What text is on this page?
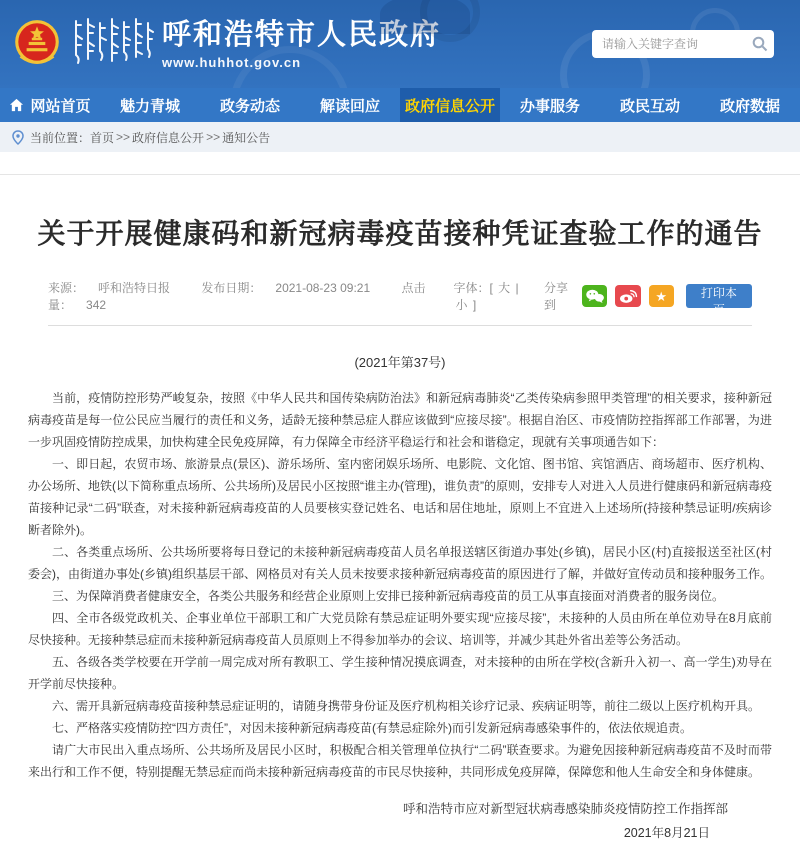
呼和浩特市人民政府
www.huhhot.gov.cn
请输入关键字查询
网站首页 魅力青城	政务动态	解读回应 政府信息公开 办事服务	政民互动	政府数据
当前位置： 首页 >> 政府信息公开 >> 通知公告
关于开展健康码和新冠病毒疫苗接种凭证查验工作的通告
来源： 呼和浩特日报	发布日期： 2021-08-23 09:21	点击量： 342
字体：[ 大 | 小 ]
分享到
★	打印本页
(2021年第37号)

当前，疫情防控形势严峻复杂，按照《中华人民共和国传染病防治法》和新冠病毒肺炎“乙类传染病参照甲类管理”的相关要求，接种新冠病毒疫苗是每一位公民应当履行的责任和义务，适龄无接种禁忌症人群应该做到“应接尽接”。根据自治区、市疫情防控指挥部工作部署，为进一步巩固疫情防控成果，加快构建全民免疫屏障，有力保障全市经济平稳运行和社会和谐稳定，现就有关事项通告如下：

一、即日起，农贸市场、旅游景点(景区)、游乐场所、室内密闭娱乐场所、电影院、文化馆、图书馆、宾馆酒店、商场超市、医疗机构、办公场所、地铁(以下简称重点场所、公共场所)及居民小区按照“谁主办(管理)，谁负责”的原则，安排专人对进入人员进行健康码和新冠病毒疫苗接种记录“二码”联查，对未接种新冠病毒疫苗的人员要核实登记姓名、电话和居住地址，原则上不宜进入上述场所(持接种禁忌证明/疾病诊断者除外)。

二、各类重点场所、公共场所要将每日登记的未接种新冠病毒疫苗人员名单报送辖区街道办事处(乡镇)，居民小区(村)直接报送至社区(村委会)，由街道办事处(乡镇)组织基层干部、网格员对有关人员未按要求接种新冠病毒疫苗的原因进行了解，并做好宣传动员和接种服务工作。

三、为保障消费者健康安全，各类公共服务和经营企业原则上安排已接种新冠病毒疫苗的员工从事直接面对消费者的服务岗位。

四、全市各级党政机关、企事业单位干部职工和广大党员除有禁忌症证明外要实现“应接尽接”，未接种的人员由所在单位劝导在8月底前尽快接种。无接种禁忌症而未接种新冠病毒疫苗人员原则上不得参加举办的会议、培训等，并减少其赴外省出差等公务活动。

五、各级各类学校要在开学前一周完成对所有教职工、学生接种情况摸底调查，对未接种的由所在学校(含新升入初一、高一学生)劝导在开学前尽快接种。

六、需开具新冠病毒疫苗接种禁忌症证明的，请随身携带身份证及医疗机构相关诊疗记录、疾病证明等，前往二级以上医疗机构开具。

七、严格落实疫情防控“四方责任”，对因未接种新冠病毒疫苗(有禁忌症除外)而引发新冠病毒感染事件的，依法依规追责。

请广大市民出入重点场所、公共场所及居民小区时，积极配合相关管理单位执行“二码”联查要求。为避免因接种新冠病毒疫苗不及时而带来出行和工作不便，特别提醒无禁忌症而尚未接种新冠病毒疫苗的市民尽快接种，共同形成免疫屏障，保障您和他人生命安全和身体健康。

呼和浩特市应对新型冠状病毒感染肺炎疫情防控工作指挥部
2021年8月21日
